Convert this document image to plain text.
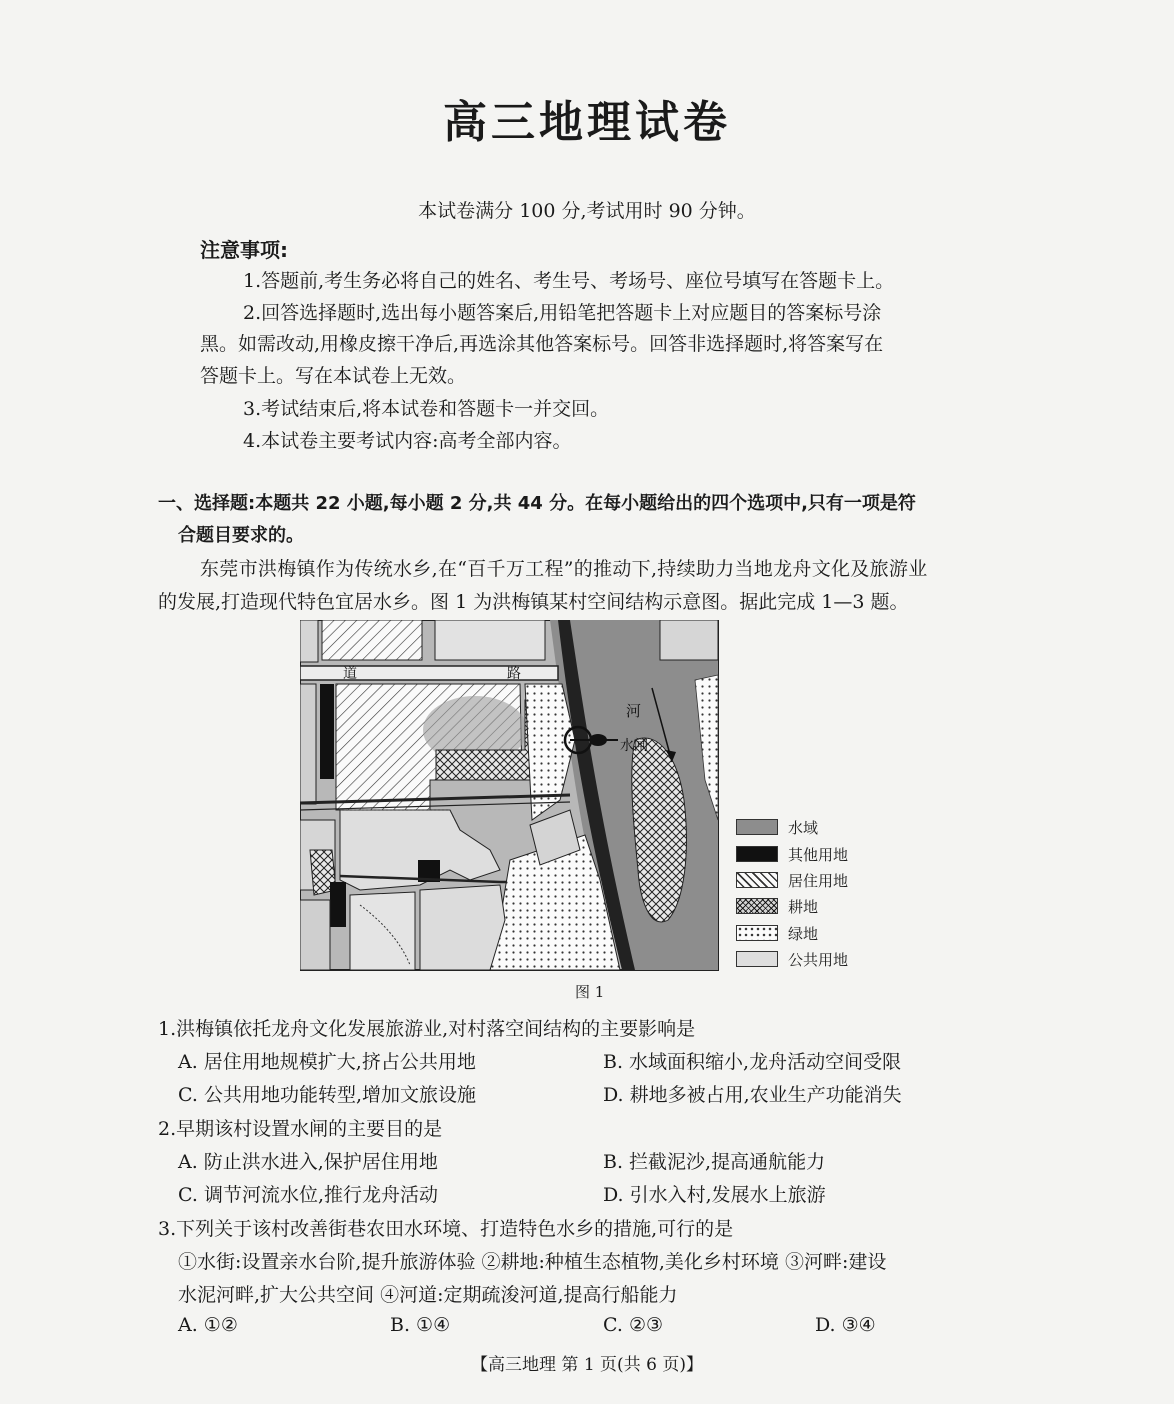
高三地理试卷
本试卷满分 100 分,考试用时 90 分钟。
注意事项:
1.答题前,考生务必将自己的姓名、考生号、考场号、座位号填写在答题卡上。
2.回答选择题时,选出每小题答案后,用铅笔把答题卡上对应题目的答案标号涂
黑。如需改动,用橡皮擦干净后,再选涂其他答案标号。回答非选择题时,将答案写在
答题卡上。写在本试卷上无效。
3.考试结束后,将本试卷和答题卡一并交回。
4.本试卷主要考试内容:高考全部内容。
一、选择题:本题共 22 小题,每小题 2 分,共 44 分。在每小题给出的四个选项中,只有一项是符
合题目要求的。
东莞市洪梅镇作为传统水乡,在“百千万工程”的推动下,持续助力当地龙舟文化及旅游业
的发展,打造现代特色宜居水乡。图 1 为洪梅镇某村空间结构示意图。据此完成 1—3 题。
道	路
河
水闸
水域
其他用地
居住用地
耕地
绿地
公共用地
图 1
1.洪梅镇依托龙舟文化发展旅游业,对村落空间结构的主要影响是
A. 居住用地规模扩大,挤占公共用地	B. 水域面积缩小,龙舟活动空间受限
C. 公共用地功能转型,增加文旅设施	D. 耕地多被占用,农业生产功能消失
2.早期该村设置水闸的主要目的是
A. 防止洪水进入,保护居住用地	B. 拦截泥沙,提高通航能力
C. 调节河流水位,推行龙舟活动	D. 引水入村,发展水上旅游
3.下列关于该村改善街巷农田水环境、打造特色水乡的措施,可行的是
①水街:设置亲水台阶,提升旅游体验 ②耕地:种植生态植物,美化乡村环境 ③河畔:建设
水泥河畔,扩大公共空间 ④河道:定期疏浚河道,提高行船能力
A. ①②	B. ①④	C. ②③	D. ③④
【高三地理 第 1 页(共 6 页)】
